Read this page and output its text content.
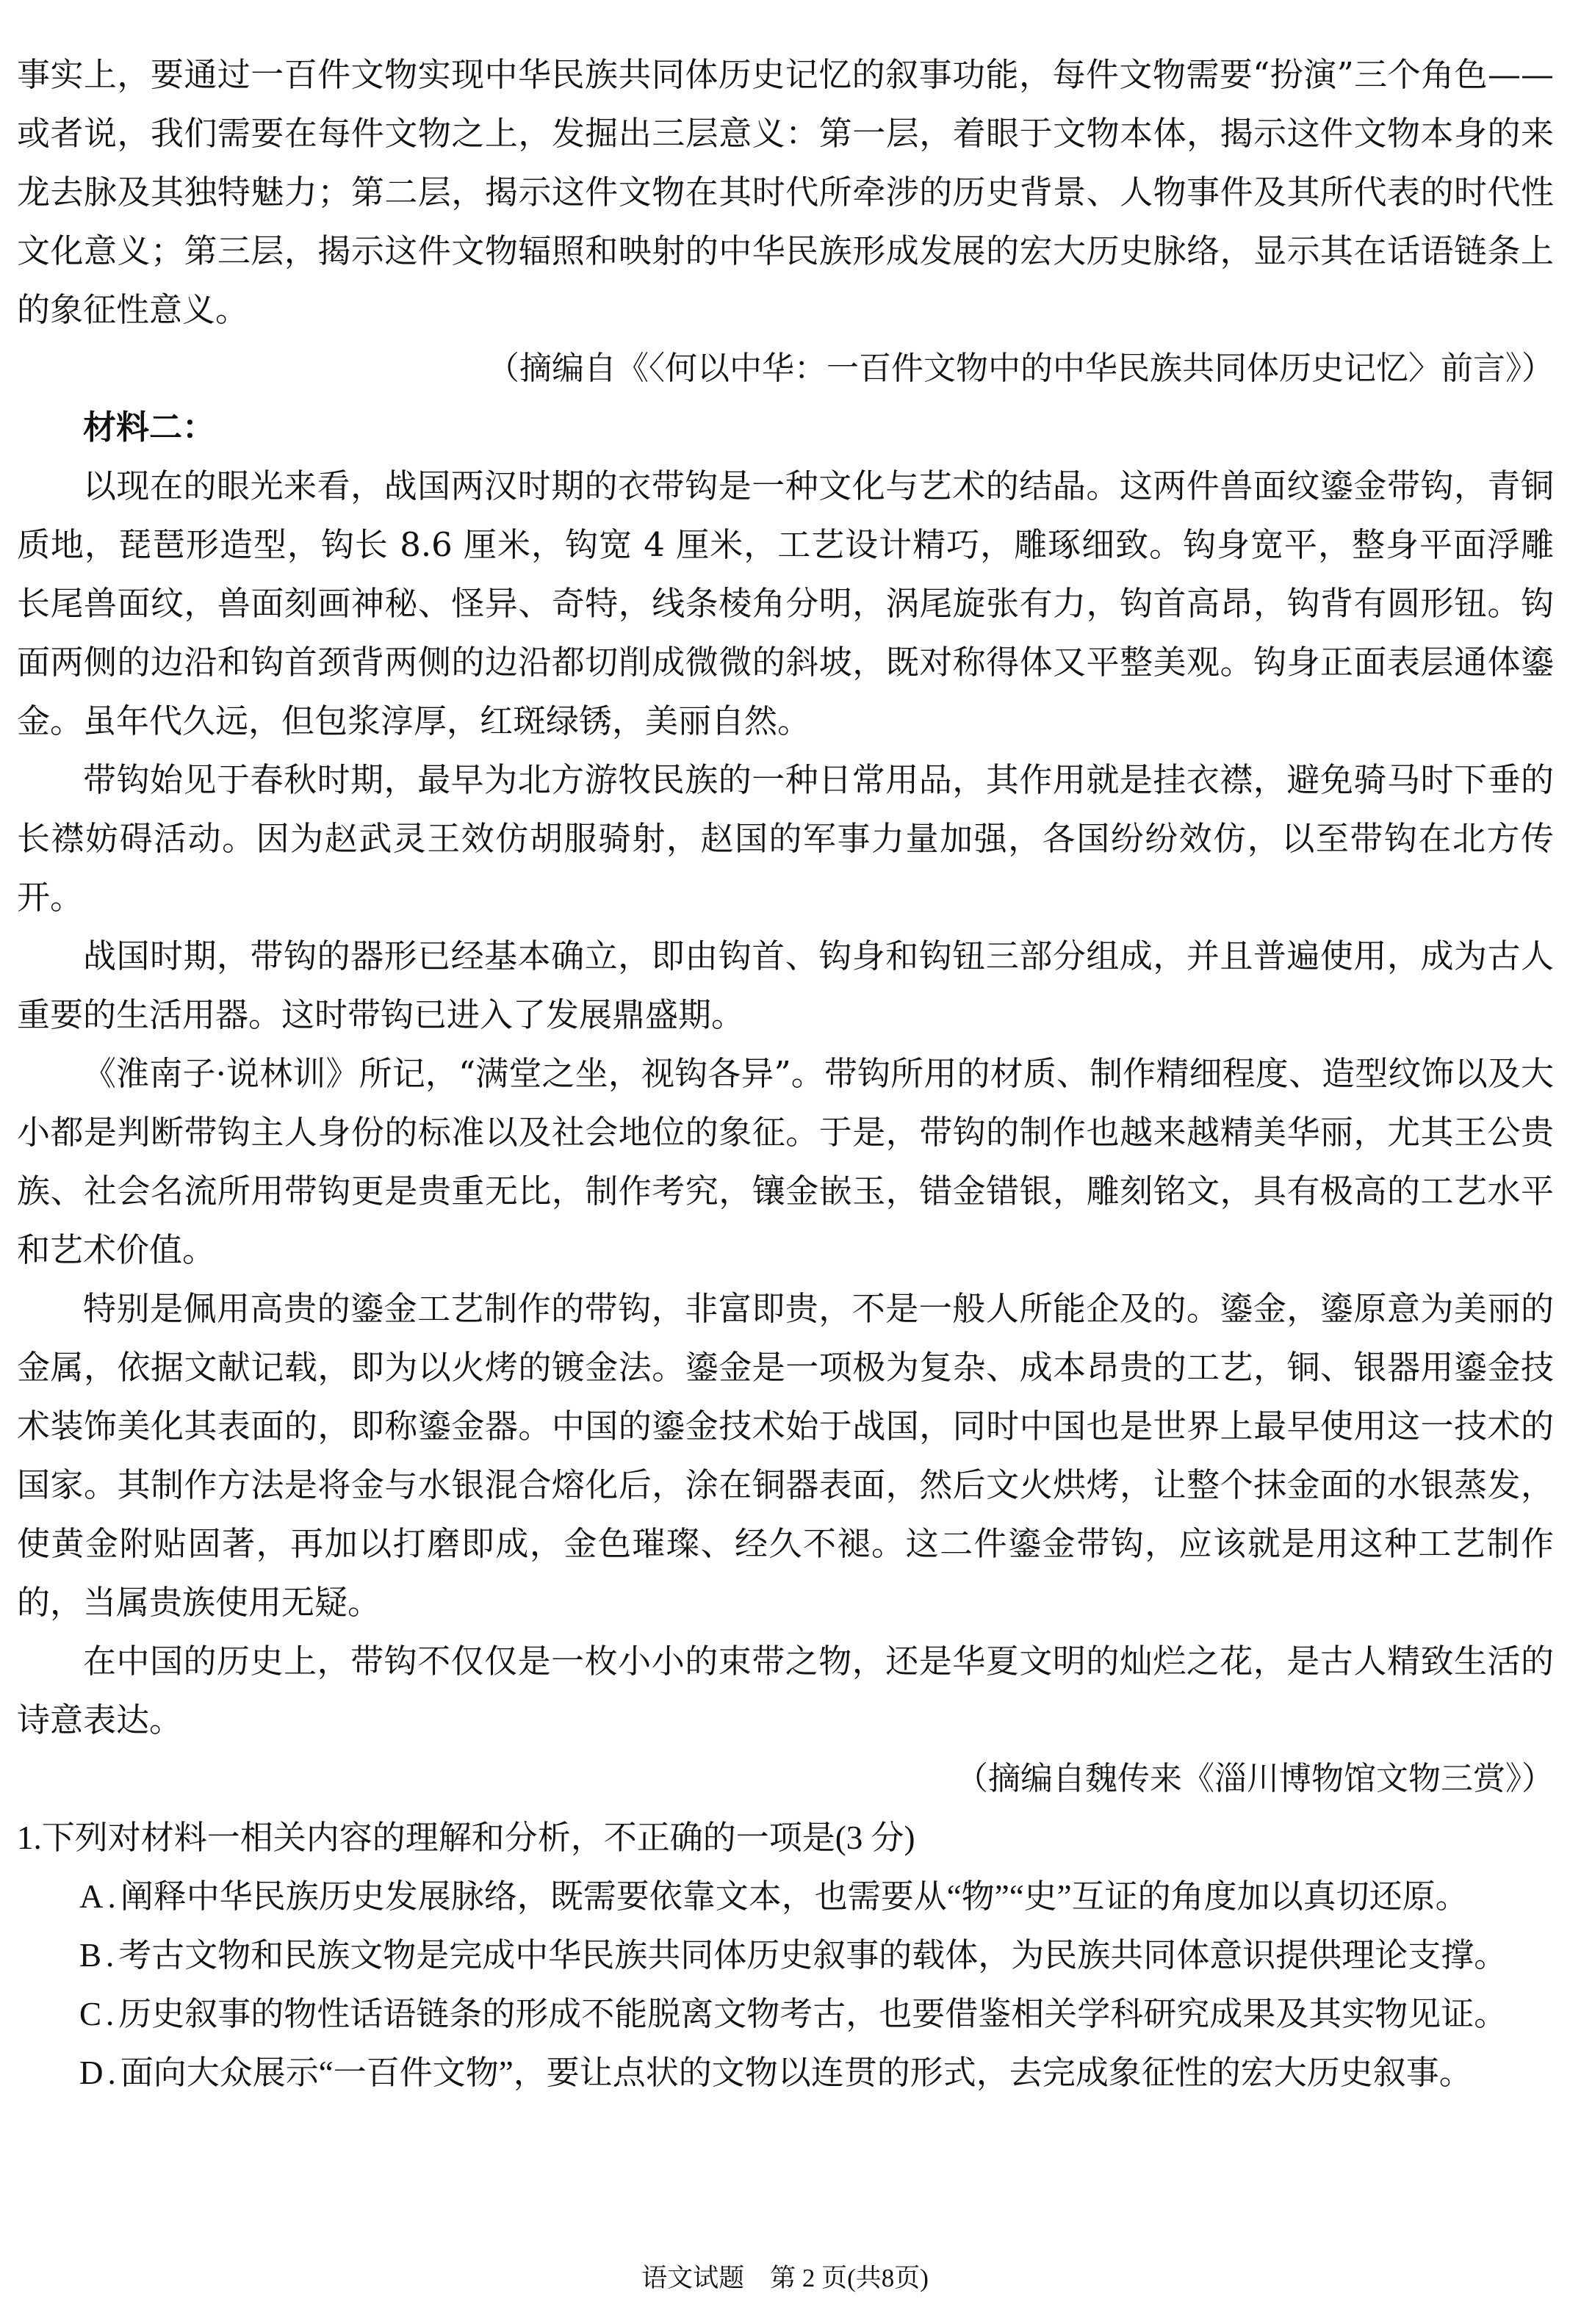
事实上，要通过一百件文物实现中华民族共同体历史记忆的叙事功能，每件文物需要“扮演”三个角色——或者说，我们需要在每件文物之上，发掘出三层意义：第一层，着眼于文物本体，揭示这件文物本身的来龙去脉及其独特魅力；第二层，揭示这件文物在其时代所牵涉的历史背景、人物事件及其所代表的时代性文化意义；第三层，揭示这件文物辐照和映射的中华民族形成发展的宏大历史脉络，显示其在话语链条上的象征性意义。

（摘编自《〈何以中华：一百件文物中的中华民族共同体历史记忆〉前言》）

材料二：

以现在的眼光来看，战国两汉时期的衣带钩是一种文化与艺术的结晶。这两件兽面纹鎏金带钩，青铜质地，琵琶形造型，钩长 8.6 厘米，钩宽 4 厘米，工艺设计精巧，雕琢细致。钩身宽平，整身平面浮雕长尾兽面纹，兽面刻画神秘、怪异、奇特，线条棱角分明，涡尾旋张有力，钩首高昂，钩背有圆形钮。钩面两侧的边沿和钩首颈背两侧的边沿都切削成微微的斜坡，既对称得体又平整美观。钩身正面表层通体鎏金。虽年代久远，但包浆淳厚，红斑绿锈，美丽自然。

带钩始见于春秋时期，最早为北方游牧民族的一种日常用品，其作用就是挂衣襟，避免骑马时下垂的长襟妨碍活动。因为赵武灵王效仿胡服骑射，赵国的军事力量加强，各国纷纷效仿，以至带钩在北方传开。

战国时期，带钩的器形已经基本确立，即由钩首、钩身和钩钮三部分组成，并且普遍使用，成为古人重要的生活用器。这时带钩已进入了发展鼎盛期。

《淮南子·说林训》所记，“满堂之坐，视钩各异”。带钩所用的材质、制作精细程度、造型纹饰以及大小都是判断带钩主人身份的标准以及社会地位的象征。于是，带钩的制作也越来越精美华丽，尤其王公贵族、社会名流所用带钩更是贵重无比，制作考究，镶金嵌玉，错金错银，雕刻铭文，具有极高的工艺水平和艺术价值。

特别是佩用高贵的鎏金工艺制作的带钩，非富即贵，不是一般人所能企及的。鎏金，鎏原意为美丽的金属，依据文献记载，即为以火烤的镀金法。鎏金是一项极为复杂、成本昂贵的工艺，铜、银器用鎏金技术装饰美化其表面的，即称鎏金器。中国的鎏金技术始于战国，同时中国也是世界上最早使用这一技术的国家。其制作方法是将金与水银混合熔化后，涂在铜器表面，然后文火烘烤，让整个抹金面的水银蒸发，使黄金附贴固著，再加以打磨即成，金色璀璨、经久不褪。这二件鎏金带钩，应该就是用这种工艺制作的，当属贵族使用无疑。

在中国的历史上，带钩不仅仅是一枚小小的束带之物，还是华夏文明的灿烂之花，是古人精致生活的诗意表达。

（摘编自魏传来《淄川博物馆文物三赏》）

1.下列对材料一相关内容的理解和分析，不正确的一项是(3 分)

A.阐释中华民族历史发展脉络，既需要依靠文本，也需要从“物”“史”互证的角度加以真切还原。

B.考古文物和民族文物是完成中华民族共同体历史叙事的载体，为民族共同体意识提供理论支撑。

C.历史叙事的物性话语链条的形成不能脱离文物考古，也要借鉴相关学科研究成果及其实物见证。

D.面向大众展示“一百件文物”，要让点状的文物以连贯的形式，去完成象征性的宏大历史叙事。

语文试题　第 2 页(共8页)
